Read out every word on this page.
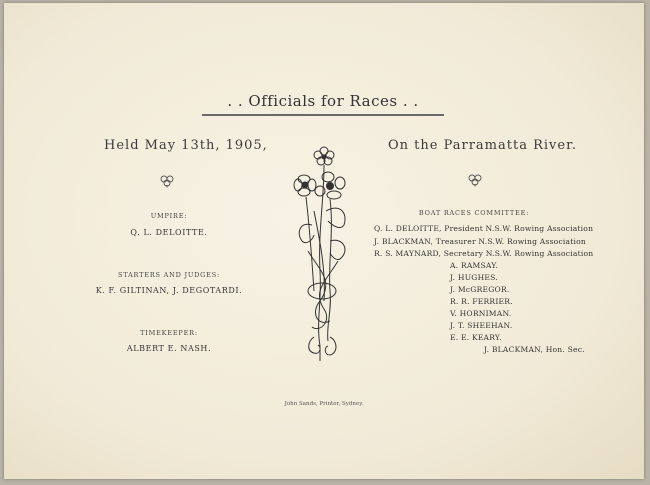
. . Officials for Races . .
Held May 13th, 1905,	On the Parramatta River.
UMPIRE:
Q. L. DELOITTE.
STARTERS AND JUDGES:
K. F. GILTINAN, J. DEGOTARDI.
TIMEKEEPER:
ALBERT E. NASH.
BOAT RACES COMMITTEE:
Q. L. DELOITTE, President N.S.W. Rowing Association
J. BLACKMAN, Treasurer N.S.W. Rowing Association
R. S. MAYNARD, Secretary N.S.W. Rowing Association
A. RAMSAY.
J. HUGHES.
J. McGREGOR.
R. R. FERRIER.
V. HORNIMAN.
J. T. SHEEHAN.
E. E. KEARY.
J. BLACKMAN, Hon. Sec.
John Sands, Printer, Sydney.
